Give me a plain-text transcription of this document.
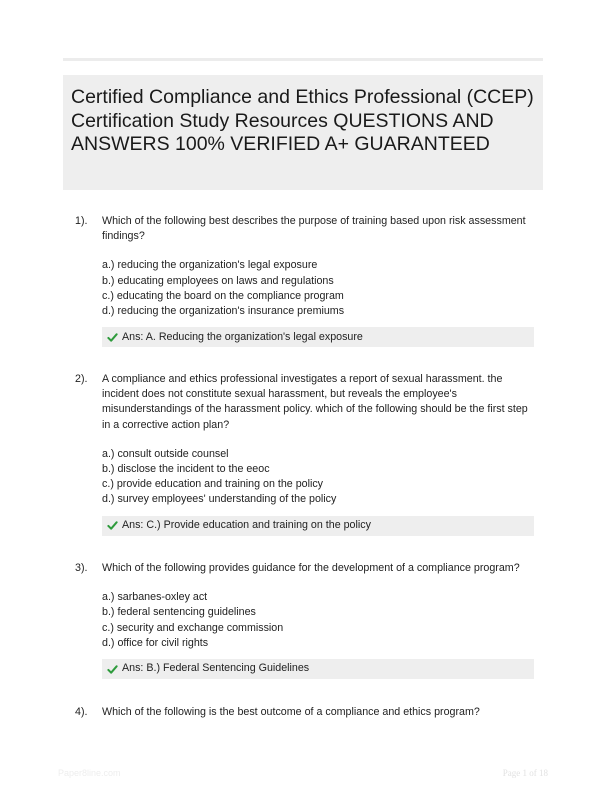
Certified Compliance and Ethics Professional (CCEP) Certification Study Resources QUESTIONS AND ANSWERS 100% VERIFIED A+ GUARANTEED
1). Which of the following best describes the purpose of training based upon risk assessment findings?
a.) reducing the organization's legal exposure
b.) educating employees on laws and regulations
c.) educating the board on the compliance program
d.) reducing the organization's insurance premiums
Ans: A. Reducing the organization's legal exposure
2). A compliance and ethics professional investigates a report of sexual harassment. the incident does not constitute sexual harassment, but reveals the employee's misunderstandings of the harassment policy. which of the following should be the first step in a corrective action plan?
a.) consult outside counsel
b.) disclose the incident to the eeoc
c.) provide education and training on the policy
d.) survey employees' understanding of the policy
Ans: C.) Provide education and training on the policy
3). Which of the following provides guidance for the development of a compliance program?
a.) sarbanes-oxley act
b.) federal sentencing guidelines
c.) security and exchange commission
d.) office for civil rights
Ans: B.) Federal Sentencing Guidelines
4). Which of the following is the best outcome of a compliance and ethics program?
Paper8line.com	Page 1 of 18
